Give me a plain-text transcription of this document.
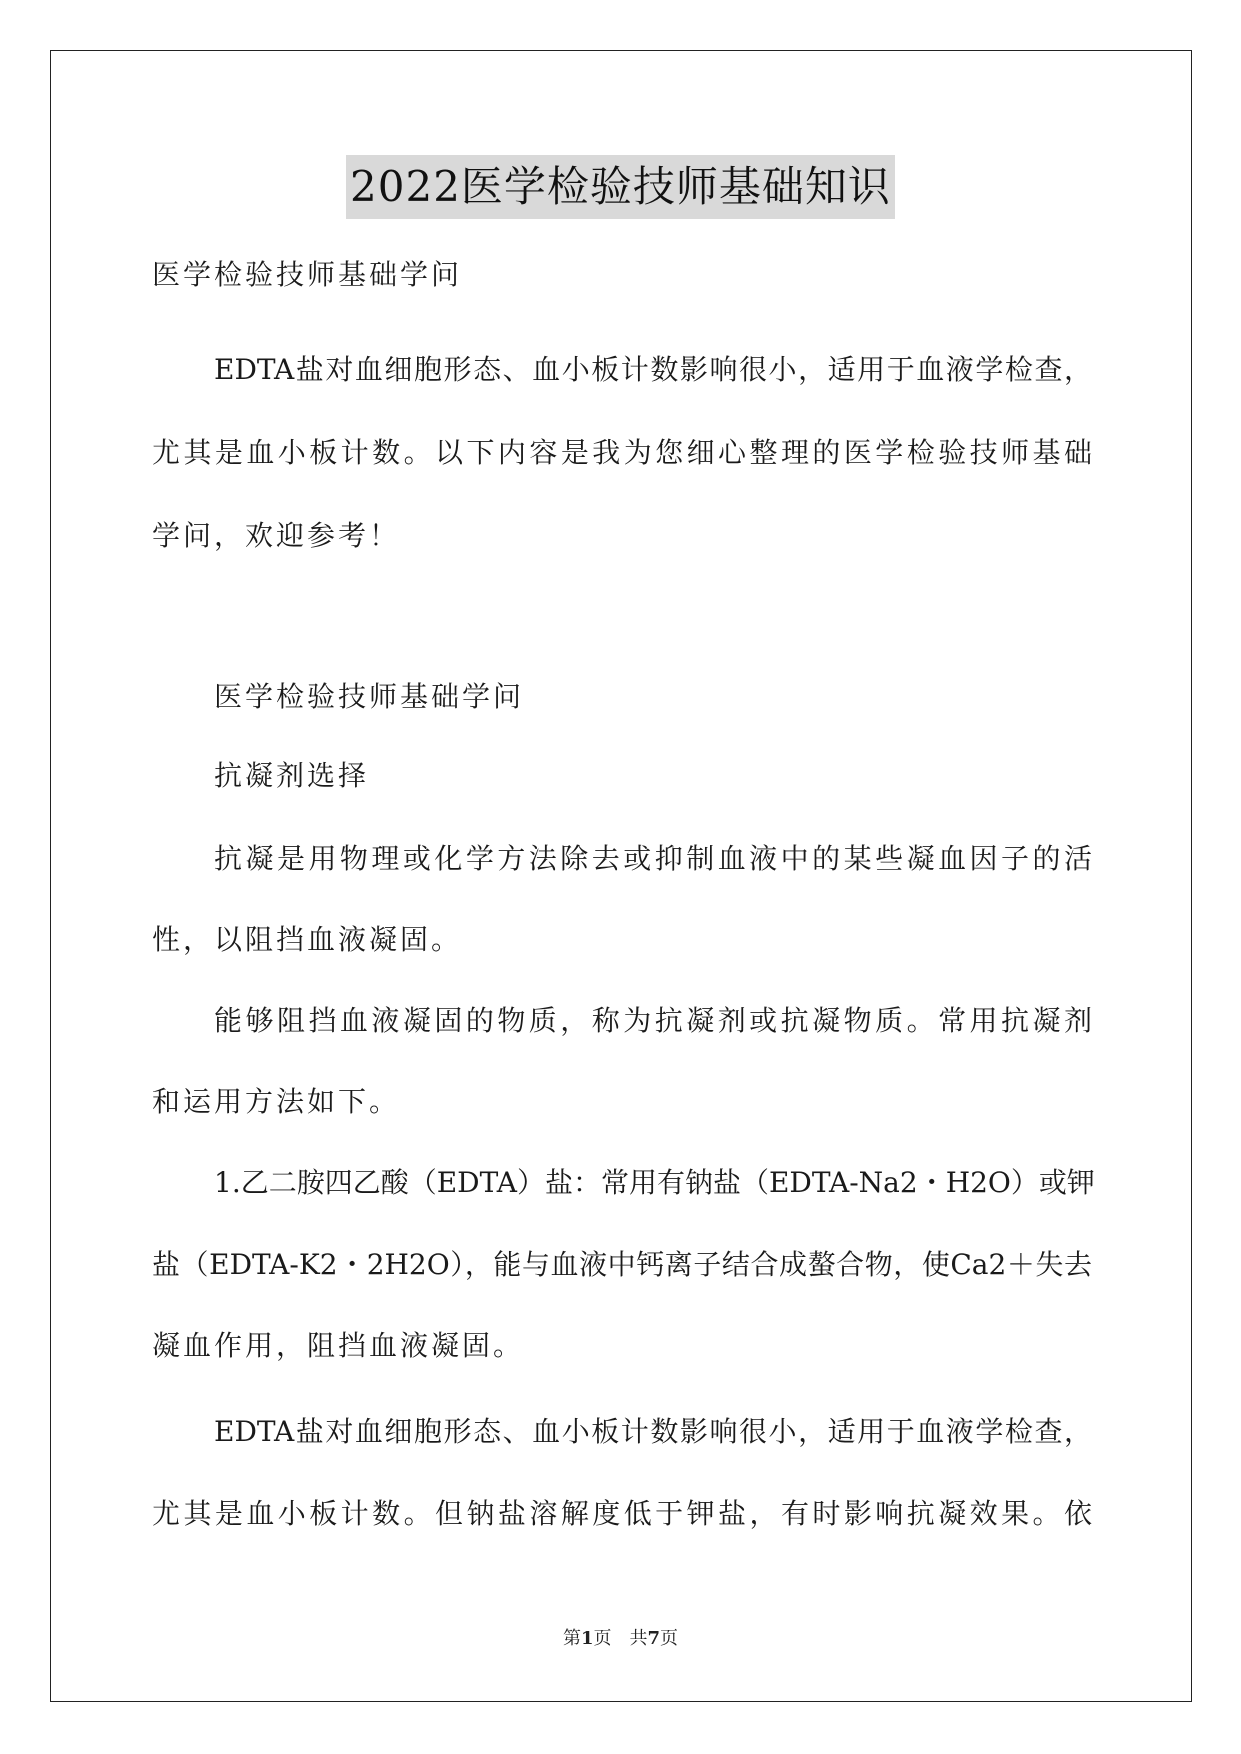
2022医学检验技师基础知识
医学检验技师基础学问
EDTA盐对血细胞形态、血小板计数影响很小，适用于血液学检查，
尤其是血小板计数。以下内容是我为您细心整理的医学检验技师基础
学问，欢迎参考！
医学检验技师基础学问
抗凝剂选择
抗凝是用物理或化学方法除去或抑制血液中的某些凝血因子的活
性，以阻挡血液凝固。
能够阻挡血液凝固的物质，称为抗凝剂或抗凝物质。常用抗凝剂
和运用方法如下。
1.乙二胺四乙酸（EDTA）盐：常用有钠盐（EDTA-Na2・H2O）或钾
盐（EDTA-K2・2H2O），能与血液中钙离子结合成螯合物，使Ca2＋失去
凝血作用，阻挡血液凝固。
EDTA盐对血细胞形态、血小板计数影响很小，适用于血液学检查，
尤其是血小板计数。但钠盐溶解度低于钾盐，有时影响抗凝效果。依
第1页　共7页
